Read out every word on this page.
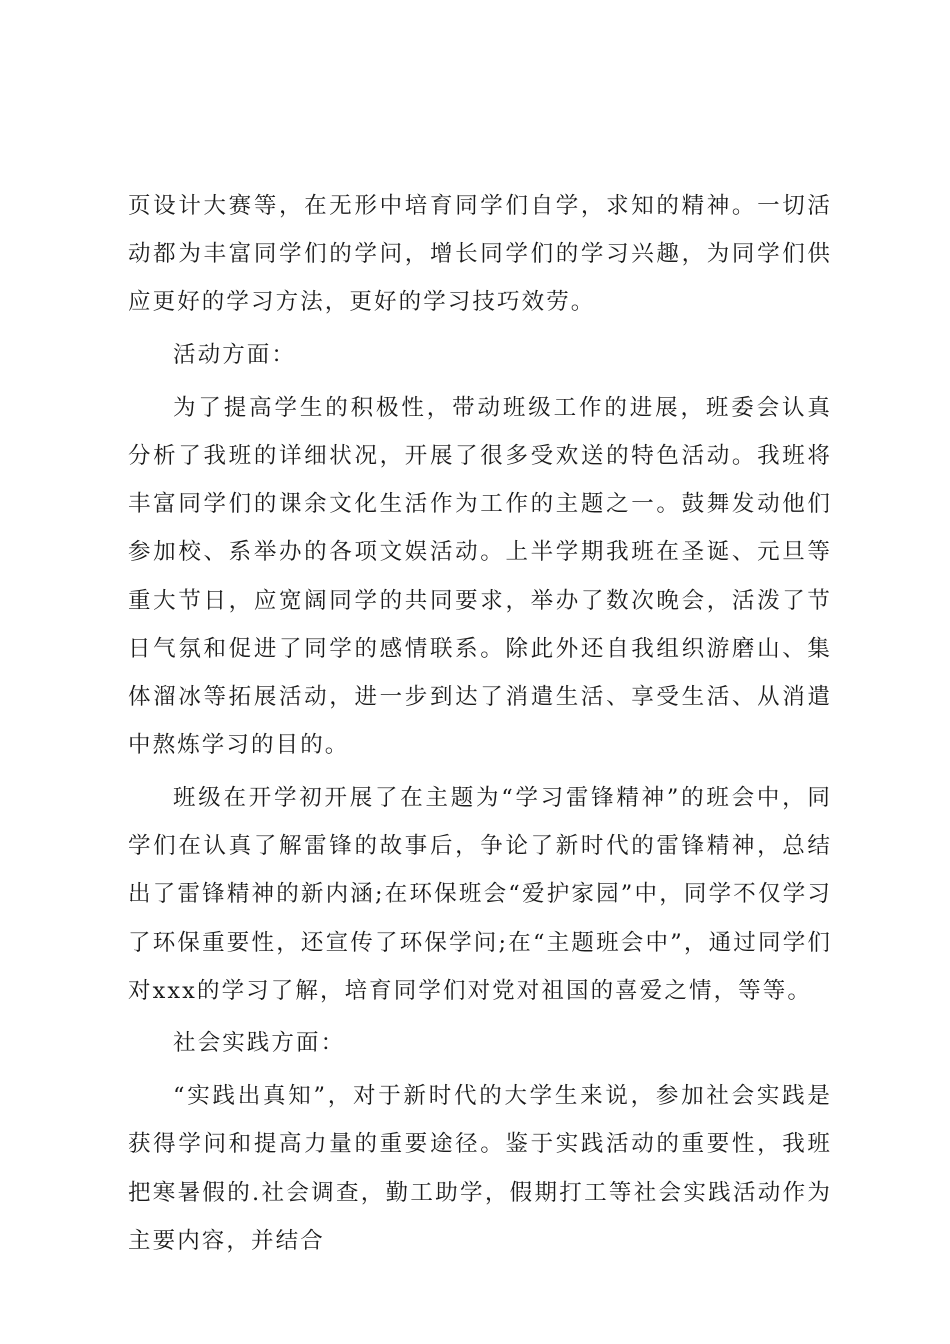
页设计大赛等，在无形中培育同学们自学，求知的精神。一切活动都为丰富同学们的学问，增长同学们的学习兴趣，为同学们供应更好的学习方法，更好的学习技巧效劳。

活动方面：

为了提高学生的积极性，带动班级工作的进展，班委会认真分析了我班的详细状况，开展了很多受欢送的特色活动。我班将丰富同学们的课余文化生活作为工作的主题之一。鼓舞发动他们参加校、系举办的各项文娱活动。上半学期我班在圣诞、元旦等重大节日，应宽阔同学的共同要求，举办了数次晚会，活泼了节日气氛和促进了同学的感情联系。除此外还自我组织游磨山、集体溜冰等拓展活动，进一步到达了消遣生活、享受生活、从消遣中熬炼学习的目的。

班级在开学初开展了在主题为“学习雷锋精神”的班会中，同学们在认真了解雷锋的故事后，争论了新时代的雷锋精神，总结出了雷锋精神的新内涵;在环保班会“爱护家园”中，同学不仅学习了环保重要性，还宣传了环保学问;在“主题班会中”，通过同学们对xxx的学习了解，培育同学们对党对祖国的喜爱之情，等等。

社会实践方面：

“实践出真知”，对于新时代的大学生来说，参加社会实践是获得学问和提高力量的重要途径。鉴于实践活动的重要性，我班把寒暑假的.社会调查，勤工助学，假期打工等社会实践活动作为主要内容，并结合
